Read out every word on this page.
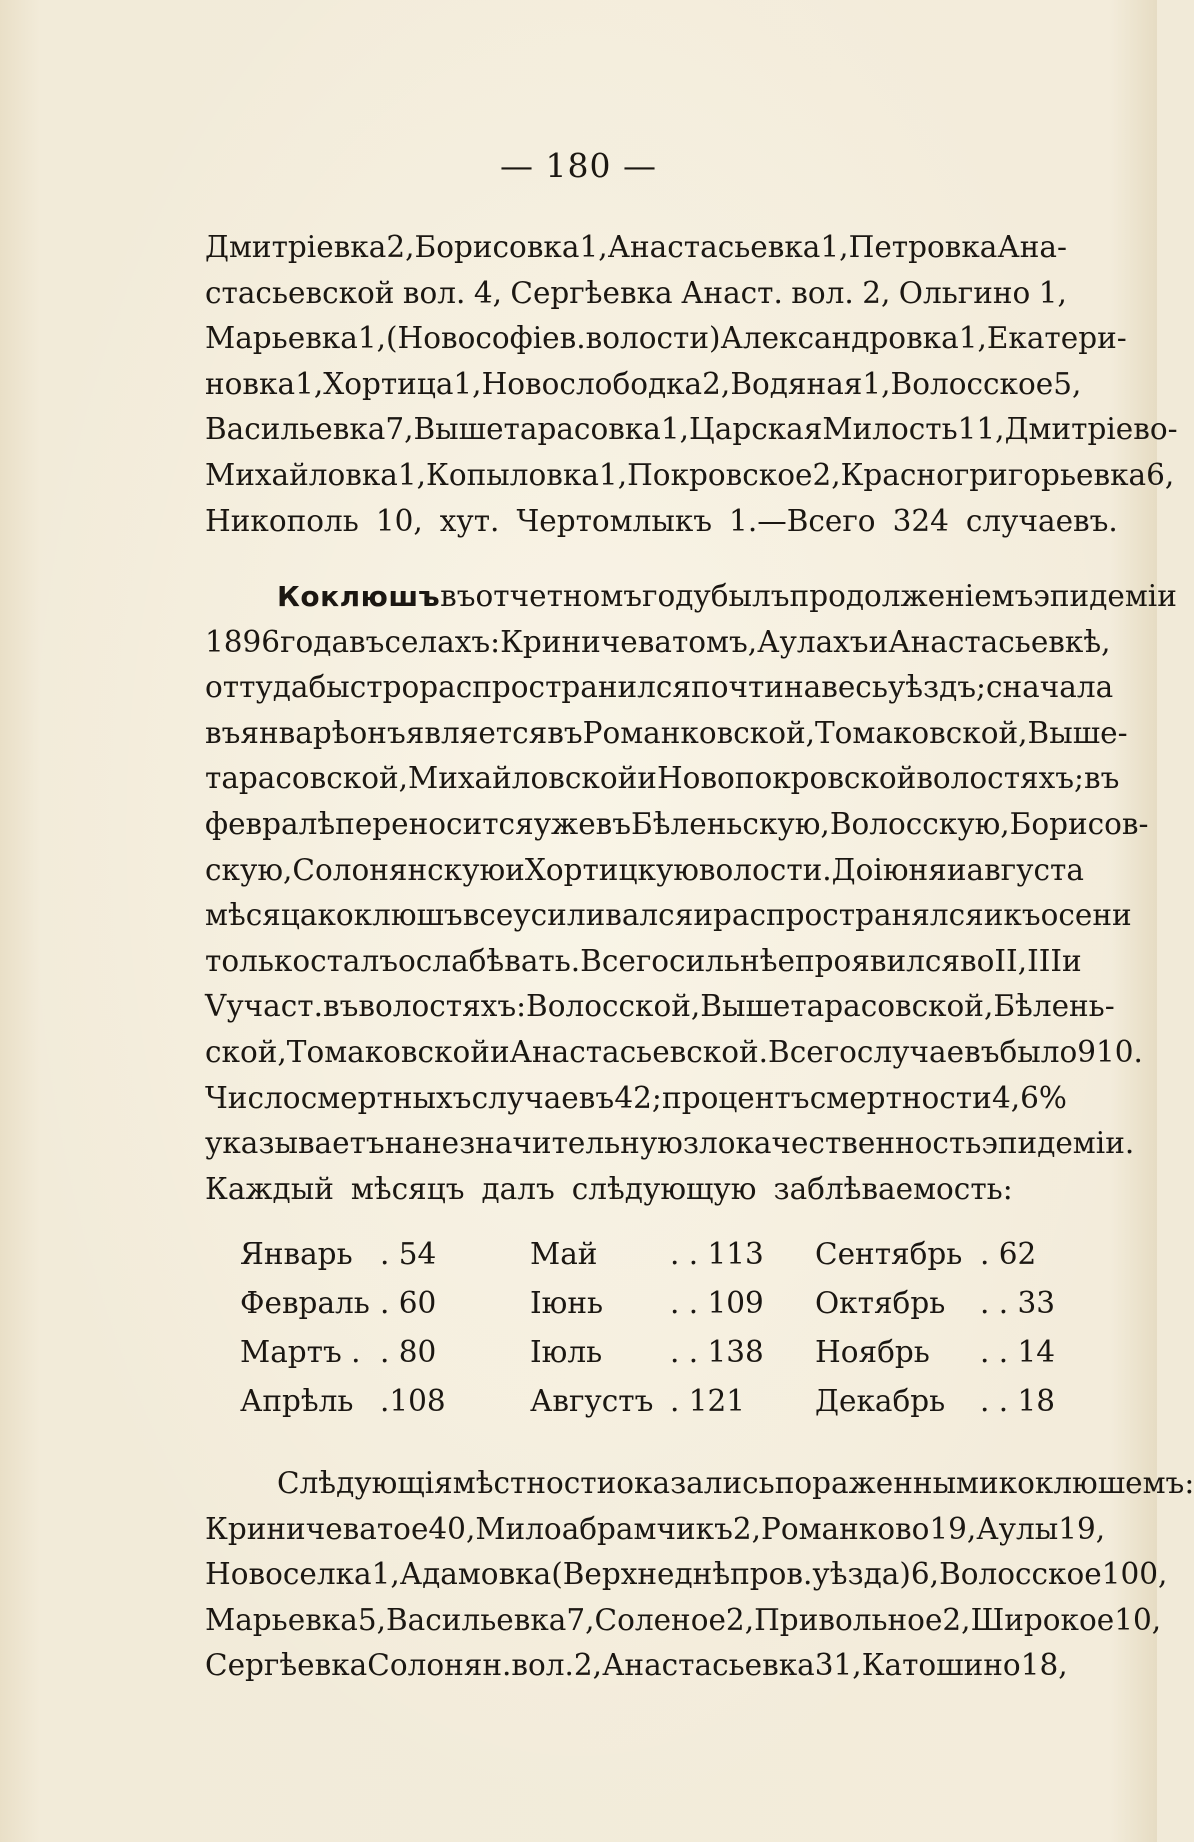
— 180 —
Дмитріевка 2, Борисовка 1, Анастасьевка 1, Петровка Ана-
стасьевской вол. 4, Сергѣевка Анаст. вол. 2, Ольгино 1,
Марьевка 1, (Новософіев. волости) Александровка 1, Екатери-
новка 1, Хортица 1, Новослободка 2, Водяная 1, Волосское 5,
Васильевка 7, Вышетарасовка 1, Царская Милость 11, Дмитріево-
Михайловка 1, Копыловка 1, Покровское 2, Красногригорьевка 6,
Никополь 10, хут. Чертомлыкъ 1.—Всего 324 случаевъ.
Коклюшъ въ отчетномъ году былъ продолженіемъ эпидеміи
1896 года въ селахъ: Криничеватомъ, Аулахъ и Анастасьевкѣ,
оттуда быстро распространился почти на весь уѣздъ; сначала
въ январѣ онъ является въ Романковской, Томаковской, Выше-
тарасовской, Михайловской и Новопокровской волостяхъ; въ
февралѣ переносится уже въ Бѣленьскую, Волосскую, Борисов-
скую, Солонянскую и Хортицкую волости. До іюня и августа
мѣсяца коклюшъ все усиливался и распространялся и къ осени
только сталъ ослабѣвать. Всего сильнѣе проявился во II, III и
V участ. въ волостяхъ: Волосской, Вышетарасовской, Бѣлень-
ской, Томаковской и Анастасьевской. Всего случаевъ было 910.
Число смертныхъ случаевъ 42; процентъ смертности 4,6%
указываетъ на незначительную злокачественность эпидеміи.
Каждый мѣсяцъ далъ слѣдующую заблѣваемость:
Январь . 54	Май . . 113 Сентябрь . 62
Февраль . 60	Іюнь . . 109 Октябрь . . 33
Мартъ . . 80	Іюль . . 138 Ноябрь . . 14
Апрѣль .108	Августъ . 121 Декабрь . . 18
Слѣдующія мѣстности оказались пораженными коклюшемъ:
Криничеватое 40, Милоабрамчикъ 2, Романково 19, Аулы 19,
Новоселка 1, Адамовка (Верхнеднѣпров. уѣзда) 6, Волосское 100,
Марьевка 5, Васильевка 7, Соленое 2, Привольное 2, Широкое 10,
Сергѣевка Солонян. вол. 2, Анастасьевка 31, Катошино 18,
